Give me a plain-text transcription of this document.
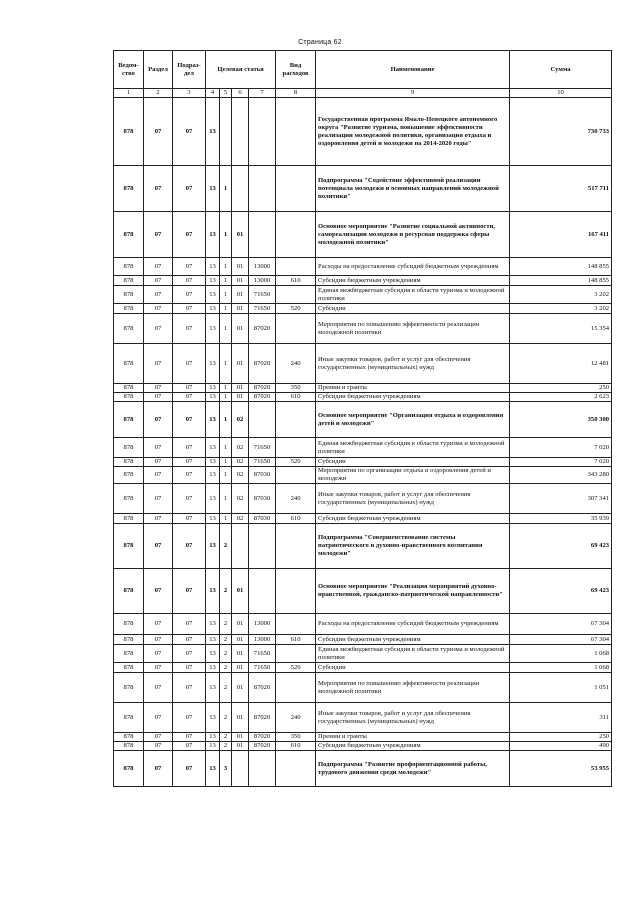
Страница 62
Ведом-ство	Раздел	Подраз-дел	Целевая статья				Вид расходов	Наименование	Сумма
1	2	3	4	5	6	7	8	9	10
878	07	07	13					Государственная программа Ямало-Ненецкого автономного округа "Развитие туризма, повышение эффективности реализации молодежной политики, организация отдыха и оздоровления детей и молодежи на 2014-2020 годы"	730 733
878	07	07	13	1				Подпрограмма "Содействие эффективной реализации потенциала молодежи и основных направлений молодежной политики"	517 711
878	07	07	13	1	01			Основное мероприятие "Развитие социальной активности, самореализации молодежи и ресурсная поддержка сферы молодежной политики"	167 411
878	07	07	13	1	01	13000		Расходы на предоставление субсидий бюджетным учреждениям	148 855
878	07	07	13	1	01	13000	610	Субсидии бюджетным учреждениям	148 855
878	07	07	13	1	01	71650		Единая межбюджетная субсидия в области туризма и молодежной политики	3 202
878	07	07	13	1	01	71650	520	Субсидии	3 202
878	07	07	13	1	01	87020		Мероприятия по повышению эффективности реализации молодежной политики	15 354
878	07	07	13	1	01	87020	240	Иные закупки товаров, работ и услуг для обеспечения государственных (муниципальных) нужд	12 481
878	07	07	13	1	01	87020	350	Премии и гранты	250
878	07	07	13	1	01	87020	610	Субсидии бюджетным учреждениям	2 623
878	07	07	13	1	02			Основное мероприятие "Организация отдыха и оздоровления детей и молодежи"	350 300
878	07	07	13	1	02	71650		Единая межбюджетная субсидия в области туризма и молодежной политики	7 020
878	07	07	13	1	02	71650	520	Субсидии	7 020
878	07	07	13	1	02	87030		Мероприятия по организации отдыха и оздоровления детей и молодежи	343 280
878	07	07	13	1	02	87030	240	Иные закупки товаров, работ и услуг для обеспечения государственных (муниципальных) нужд	307 341
878	07	07	13	1	02	87030	610	Субсидии бюджетным учреждениям	35 939
878	07	07	13	2				Подпрограмма "Совершенствование системы патриотического и духовно-нравственного воспитания молодежи"	69 423
878	07	07	13	2	01			Основное мероприятие "Реализация мероприятий духовно-нравственной, гражданско-патриотической направленности"	69 423
878	07	07	13	2	01	13000		Расходы на предоставление субсидий бюджетным учреждениям	67 304
878	07	07	13	2	01	13000	610	Субсидии бюджетным учреждениям	67 304
878	07	07	13	2	01	71650		Единая межбюджетная субсидия в области туризма и молодежной политики	1 068
878	07	07	13	2	01	71650	520	Субсидии	1 068
878	07	07	13	2	01	87020		Мероприятия по повышению эффективности реализации молодежной политики	1 051
878	07	07	13	2	01	87020	240	Иные закупки товаров, работ и услуг для обеспечения государственных (муниципальных) нужд	311
878	07	07	13	2	01	87020	350	Премии и гранты	250
878	07	07	13	2	01	87020	610	Субсидии бюджетным учреждениям	490
878	07	07	13	3				Подпрограмма "Развитие профориентационной работы, трудового движения среди молодежи"	53 955
